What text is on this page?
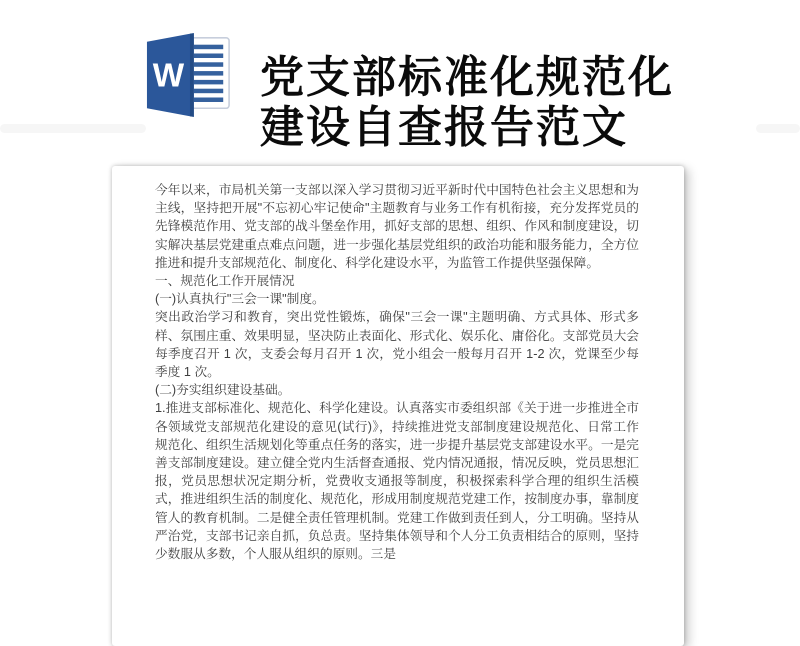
W 党支部标准化规范化
建设自查报告范文

今年以来，市局机关第一支部以深入学习贯彻习近平新时代中国特色社会主义思想和为主线，坚持把开展"不忘初心牢记使命"主题教育与业务工作有机衔接，充分发挥党员的先锋模范作用、党支部的战斗堡垒作用，抓好支部的思想、组织、作风和制度建设，切实解决基层党建重点难点问题，进一步强化基层党组织的政治功能和服务能力，全方位推进和提升支部规范化、制度化、科学化建设水平，为监管工作提供坚强保障。

一、规范化工作开展情况

(一)认真执行"三会一课"制度。

突出政治学习和教育，突出党性锻炼，确保"三会一课"主题明确、方式具体、形式多样、氛围庄重、效果明显，坚决防止表面化、形式化、娱乐化、庸俗化。支部党员大会每季度召开 1 次，支委会每月召开 1 次，党小组会一般每月召开 1-2 次，党课至少每季度 1 次。

(二)夯实组织建设基础。

1.推进支部标准化、规范化、科学化建设。认真落实市委组织部《关于进一步推进全市各领域党支部规范化建设的意见(试行)》，持续推进党支部制度建设规范化、日常工作规范化、组织生活规划化等重点任务的落实，进一步提升基层党支部建设水平。一是完善支部制度建设。建立健全党内生活督查通报、党内情况通报，情况反映，党员思想汇报，党员思想状况定期分析，党费收支通报等制度，积极探索科学合理的组织生活模式，推进组织生活的制度化、规范化，形成用制度规范党建工作，按制度办事，靠制度管人的教育机制。二是健全责任管理机制。党建工作做到责任到人，分工明确。坚持从严治党，支部书记亲自抓，负总责。坚持集体领导和个人分工负责相结合的原则，坚持少数服从多数，个人服从组织的原则。三是
